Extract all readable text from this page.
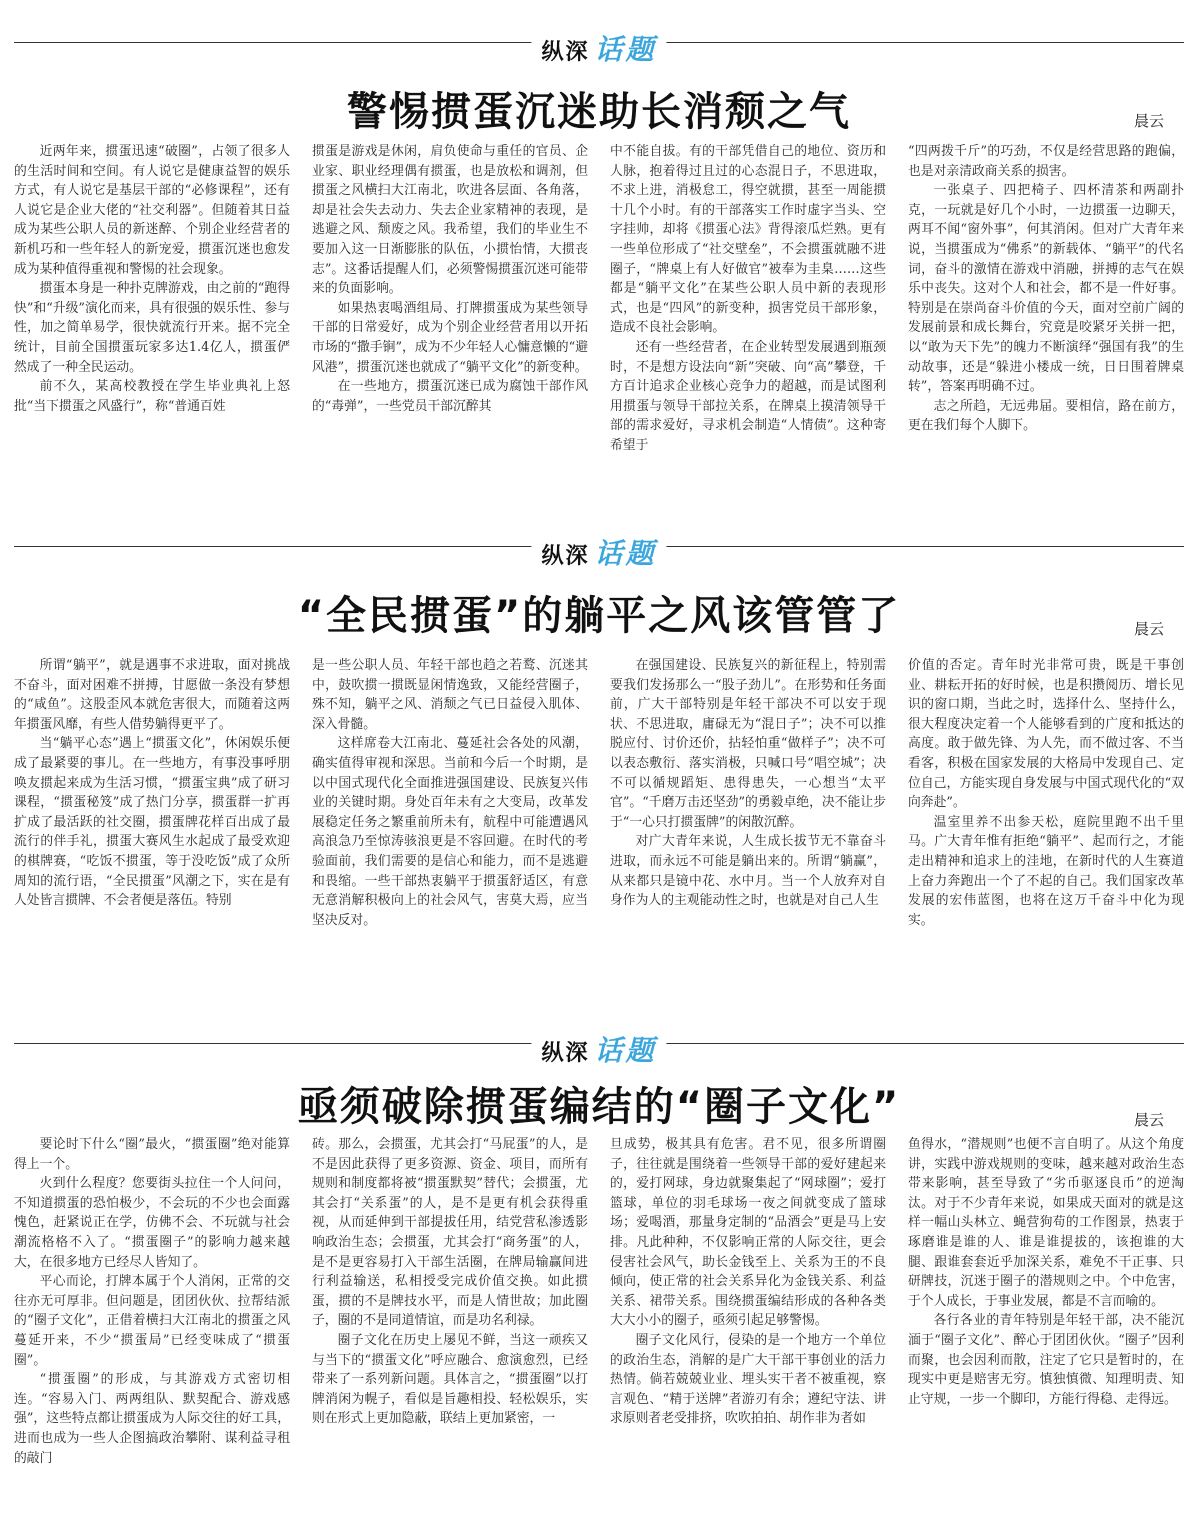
纵深 话题
警惕掼蛋沉迷助长消颓之气	晨云

近两年来，掼蛋迅速“破圈”，占领了很多人的生活时间和空间。有人说它是健康益智的娱乐方式，有人说它是基层干部的“必修课程”，还有人说它是企业大佬的“社交利器”。但随着其日益成为某些公职人员的新迷醉、个别企业经营者的新机巧和一些年轻人的新宠爱，掼蛋沉迷也愈发成为某种值得重视和警惕的社会现象。

掼蛋本身是一种扑克牌游戏，由之前的“跑得快”和“升级”演化而来，具有很强的娱乐性、参与性，加之简单易学，很快就流行开来。据不完全统计，目前全国掼蛋玩家多达1.4亿人，掼蛋俨然成了一种全民运动。

前不久，某高校教授在学生毕业典礼上怒批“当下掼蛋之风盛行”，称“普通百姓

掼蛋是游戏是休闲，肩负使命与重任的官员、企业家、职业经理偶有掼蛋，也是放松和调剂，但掼蛋之风横扫大江南北，吹进各层面、各角落，却是社会失去动力、失去企业家精神的表现，是逃避之风、颓废之风。我希望，我们的毕业生不要加入这一日渐膨胀的队伍，小掼怡情，大掼丧志”。这番话提醒人们，必须警惕掼蛋沉迷可能带来的负面影响。

如果热衷喝酒组局、打牌掼蛋成为某些领导干部的日常爱好，成为个别企业经营者用以开拓市场的“撒手锏”，成为不少年轻人心慵意懒的“避风港”，掼蛋沉迷也就成了“躺平文化”的新变种。

在一些地方，掼蛋沉迷已成为腐蚀干部作风的“毒弹”，一些党员干部沉醉其

中不能自拔。有的干部凭借自己的地位、资历和人脉，抱着得过且过的心态混日子，不思进取，不求上进，消极怠工，得空就掼，甚至一周能掼十几个小时。有的干部落实工作时虚字当头、空字挂帅，却将《掼蛋心法》背得滚瓜烂熟。更有一些单位形成了“社交壁垒”，不会掼蛋就融不进圈子，“牌桌上有人好做官”被奉为圭臬……这些都是“躺平文化”在某些公职人员中新的表现形式，也是“四风”的新变种，损害党员干部形象，造成不良社会影响。

还有一些经营者，在企业转型发展遇到瓶颈时，不是想方设法向“新”突破、向“高”攀登，千方百计追求企业核心竞争力的超越，而是试图利用掼蛋与领导干部拉关系，在牌桌上摸清领导干部的需求爱好，寻求机会制造“人情债”。这种寄希望于

“四两拨千斤”的巧劲，不仅是经营思路的跑偏，也是对亲清政商关系的损害。

一张桌子、四把椅子、四杯清茶和两副扑克，一玩就是好几个小时，一边掼蛋一边聊天，两耳不闻“窗外事”，何其消闲。但对广大青年来说，当掼蛋成为“佛系”的新载体、“躺平”的代名词，奋斗的激情在游戏中消融，拼搏的志气在娱乐中丧失。这对个人和社会，都不是一件好事。特别是在崇尚奋斗价值的今天，面对空前广阔的发展前景和成长舞台，究竟是咬紧牙关拼一把，以“敢为天下先”的魄力不断演绎“强国有我”的生动故事，还是“躲进小楼成一统，日日围着牌桌转”，答案再明确不过。

志之所趋，无远弗届。要相信，路在前方，更在我们每个人脚下。

纵深 话题
“全民掼蛋”的躺平之风该管管了	晨云

所谓“躺平”，就是遇事不求进取，面对挑战不奋斗，面对困难不拼搏，甘愿做一条没有梦想的“咸鱼”。这股歪风本就危害很大，而随着这两年掼蛋风靡，有些人借势躺得更平了。

当“躺平心态”遇上“掼蛋文化”，休闲娱乐便成了最紧要的事儿。在一些地方，有事没事呼朋唤友掼起来成为生活习惯，“掼蛋宝典”成了研习课程，“掼蛋秘笈”成了热门分享，掼蛋群一扩再扩成了最活跃的社交圈，掼蛋牌花样百出成了最流行的伴手礼，掼蛋大赛风生水起成了最受欢迎的棋牌赛，“吃饭不掼蛋，等于没吃饭”成了众所周知的流行语，“全民掼蛋”风潮之下，实在是有人处皆言掼牌、不会者便是落伍。特别

是一些公职人员、年轻干部也趋之若鹜、沉迷其中，鼓吹掼一掼既显闲情逸致，又能经营圈子，殊不知，躺平之风、消颓之气已日益侵入肌体、深入骨髓。

这样席卷大江南北、蔓延社会各处的风潮，确实值得审视和深思。当前和今后一个时期，是以中国式现代化全面推进强国建设、民族复兴伟业的关键时期。身处百年未有之大变局，改革发展稳定任务之繁重前所未有，航程中可能遭遇风高浪急乃至惊涛骇浪更是不容回避。在时代的考验面前，我们需要的是信心和能力，而不是逃避和畏缩。一些干部热衷躺平于掼蛋舒适区，有意无意消解积极向上的社会风气，害莫大焉，应当坚决反对。

在强国建设、民族复兴的新征程上，特别需要我们发扬那么一“股子劲儿”。在形势和任务面前，广大干部特别是年轻干部决不可以安于现状、不思进取，庸碌无为“混日子”；决不可以推脱应付、讨价还价，拈轻怕重“做样子”；决不可以表态敷衍、落实消极，只喊口号“唱空城”；决不可以循规蹈矩、患得患失，一心想当“太平官”。“千磨万击还坚劲”的勇毅卓绝，决不能让步于“一心只打掼蛋牌”的闲散沉醉。

对广大青年来说，人生成长拔节无不靠奋斗进取，而永远不可能是躺出来的。所谓“躺赢”，从来都只是镜中花、水中月。当一个人放弃对自身作为人的主观能动性之时，也就是对自己人生

价值的否定。青年时光非常可贵，既是干事创业、耕耘开拓的好时候，也是积攒阅历、增长见识的窗口期，当此之时，选择什么、坚持什么，很大程度决定着一个人能够看到的广度和抵达的高度。敢于做先锋、为人先，而不做过客、不当看客，积极在国家发展的大格局中发现自己、定位自己，方能实现自身发展与中国式现代化的“双向奔赴”。

温室里养不出参天松，庭院里跑不出千里马。广大青年惟有拒绝“躺平”、起而行之，才能走出精神和追求上的洼地，在新时代的人生赛道上奋力奔跑出一个了不起的自己。我们国家改革发展的宏伟蓝图，也将在这万千奋斗中化为现实。

纵深 话题
亟须破除掼蛋编结的“圈子文化”	晨云

要论时下什么“圈”最火，“掼蛋圈”绝对能算得上一个。

火到什么程度？您要街头拉住一个人问问，不知道掼蛋的恐怕极少，不会玩的不少也会面露愧色，赶紧说正在学，仿佛不会、不玩就与社会潮流格格不入了。“掼蛋圈子”的影响力越来越大，在很多地方已经尽人皆知了。

平心而论，打牌本属于个人消闲，正常的交往亦无可厚非。但问题是，团团伙伙、拉帮结派的“圈子文化”，正借着横扫大江南北的掼蛋之风蔓延开来，不少“掼蛋局”已经变味成了“掼蛋圈”。

“掼蛋圈”的形成，与其游戏方式密切相连。“容易入门、两两组队、默契配合、游戏感强”，这些特点都让掼蛋成为人际交往的好工具，进而也成为一些人企图搞政治攀附、谋利益寻租的敲门

砖。那么，会掼蛋，尤其会打“马屁蛋”的人，是不是因此获得了更多资源、资金、项目，而所有规则和制度都将被“掼蛋默契”替代；会掼蛋，尤其会打“关系蛋”的人，是不是更有机会获得重视，从而延伸到干部提拔任用，结党营私渗透影响政治生态；会掼蛋，尤其会打“商务蛋”的人，是不是更容易打入干部生活圈，在牌局输赢间进行利益输送，私相授受完成价值交换。如此掼蛋，掼的不是牌技水平，而是人情世故；加此圈子，圈的不是同道情谊，而是功名利禄。

圈子文化在历史上屡见不鲜，当这一顽疾又与当下的“掼蛋文化”呼应融合、愈演愈烈，已经带来了一系列新问题。具体言之，“掼蛋圈”以打牌消闲为幌子，看似是旨趣相投、轻松娱乐，实则在形式上更加隐蔽，联结上更加紧密，一

旦成势，极其具有危害。君不见，很多所谓圈子，往往就是围绕着一些领导干部的爱好建起来的，爱打网球，身边就聚集起了“网球圈”；爱打篮球，单位的羽毛球场一夜之间就变成了篮球场；爱喝酒，那量身定制的“品酒会”更是马上安排。凡此种种，不仅影响正常的人际交往，更会侵害社会风气，助长金钱至上、关系为王的不良倾向，使正常的社会关系异化为金钱关系、利益关系、裙带关系。围绕掼蛋编结形成的各种各类大大小小的圈子，亟须引起足够警惕。

圈子文化风行，侵染的是一个地方一个单位的政治生态，消解的是广大干部干事创业的活力热情。倘若兢兢业业、埋头实干者不被重视，察言观色、“精于送牌”者游刃有余；遵纪守法、讲求原则者老受排挤，吹吹拍拍、胡作非为者如

鱼得水，“潜规则”也便不言自明了。从这个角度讲，实践中游戏规则的变味，越来越对政治生态带来影响，甚至导致了“劣币驱逐良币”的逆淘汰。对于不少青年来说，如果成天面对的就是这样一幅山头林立、蝇营狗苟的工作图景，热衷于琢磨谁是谁的人、谁是谁提拔的，该抱谁的大腿、跟谁套套近乎加深关系，难免不干正事、只研牌技，沉迷于圈子的潜规则之中。个中危害，于个人成长，于事业发展，都是不言而喻的。

各行各业的青年特别是年轻干部，决不能沉湎于“圈子文化”、醉心于团团伙伙。“圈子”因利而聚，也会因利而散，注定了它只是暂时的，在现实中更是赔害无穷。慎独慎微、知理明责、知止守规，一步一个脚印，方能行得稳、走得远。
